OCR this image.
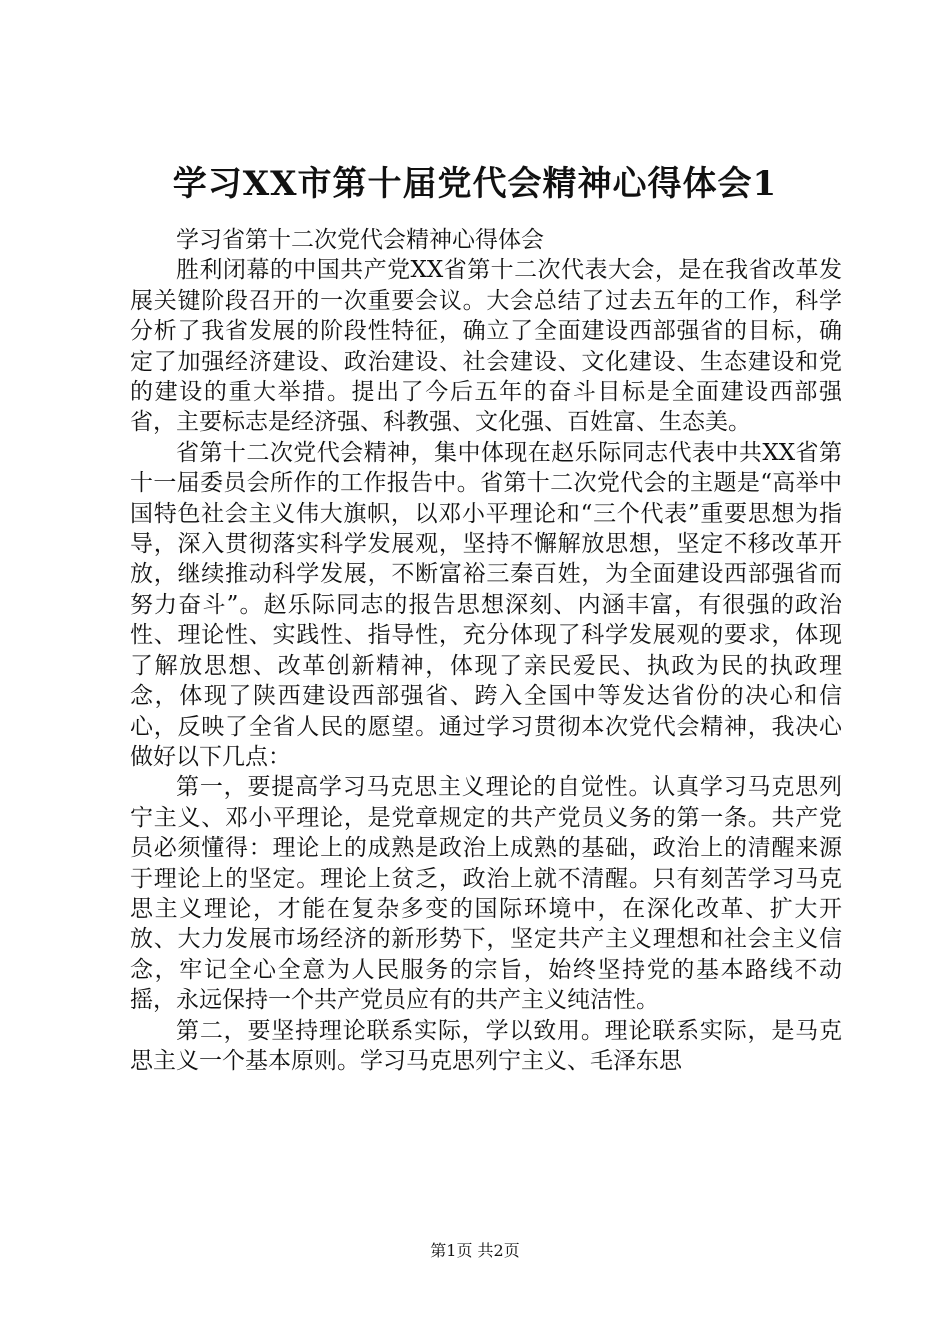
学习XX市第十届党代会精神心得体会1

学习省第十二次党代会精神心得体会

胜利闭幕的中国共产党XX省第十二次代表大会，是在我省改革发展关键阶段召开的一次重要会议。大会总结了过去五年的工作，科学分析了我省发展的阶段性特征，确立了全面建设西部强省的目标，确定了加强经济建设、政治建设、社会建设、文化建设、生态建设和党的建设的重大举措。提出了今后五年的奋斗目标是全面建设西部强省，主要标志是经济强、科教强、文化强、百姓富、生态美。

省第十二次党代会精神，集中体现在赵乐际同志代表中共XX省第十一届委员会所作的工作报告中。省第十二次党代会的主题是“高举中国特色社会主义伟大旗帜，以邓小平理论和“三个代表”重要思想为指导，深入贯彻落实科学发展观，坚持不懈解放思想，坚定不移改革开放，继续推动科学发展，不断富裕三秦百姓，为全面建设西部强省而努力奋斗”。赵乐际同志的报告思想深刻、内涵丰富，有很强的政治性、理论性、实践性、指导性，充分体现了科学发展观的要求，体现了解放思想、改革创新精神，体现了亲民爱民、执政为民的执政理念，体现了陕西建设西部强省、跨入全国中等发达省份的决心和信心，反映了全省人民的愿望。通过学习贯彻本次党代会精神，我决心做好以下几点：

第一，要提高学习马克思主义理论的自觉性。认真学习马克思列宁主义、邓小平理论，是党章规定的共产党员义务的第一条。共产党员必须懂得：理论上的成熟是政治上成熟的基础，政治上的清醒来源于理论上的坚定。理论上贫乏，政治上就不清醒。只有刻苦学习马克思主义理论，才能在复杂多变的国际环境中，在深化改革、扩大开放、大力发展市场经济的新形势下，坚定共产主义理想和社会主义信念，牢记全心全意为人民服务的宗旨，始终坚持党的基本路线不动摇，永远保持一个共产党员应有的共产主义纯洁性。

第二，要坚持理论联系实际，学以致用。理论联系实际，是马克思主义一个基本原则。学习马克思列宁主义、毛泽东思

第1页 共2页
